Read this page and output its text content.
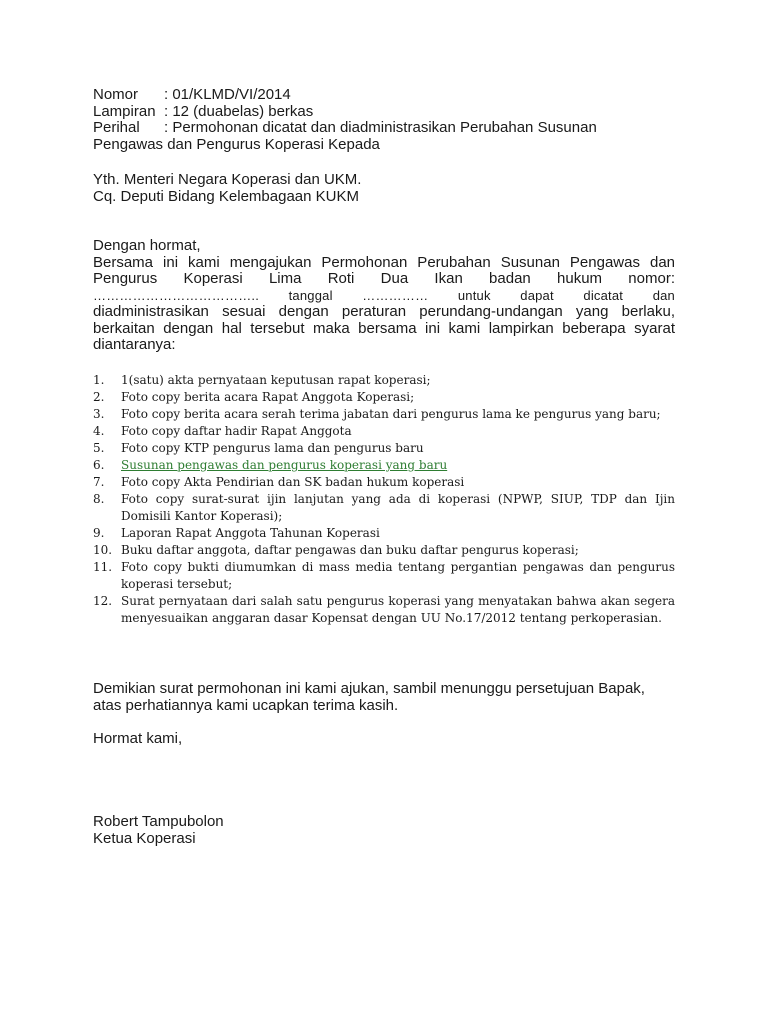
Nomor	: 01/KLMD/VI/2014
Lampiran : 12 (duabelas) berkas
Perihal	: Permohonan dicatat dan diadministrasikan Perubahan Susunan
Pengawas dan Pengurus Koperasi Kepada
Yth. Menteri Negara Koperasi dan UKM.
Cq. Deputi Bidang Kelembagaan KUKM
Dengan hormat,
Bersama ini kami mengajukan Permohonan Perubahan Susunan Pengawas dan
Pengurus Koperasi Lima Roti Dua Ikan badan hukum nomor:
……………………………….. tanggal …………… untuk dapat dicatat dan
diadministrasikan sesuai dengan peraturan perundang-undangan yang berlaku, berkaitan dengan hal tersebut maka bersama ini kami lampirkan beberapa syarat diantaranya:
1.	1(satu) akta pernyataan keputusan rapat koperasi;
2.	Foto copy berita acara Rapat Anggota Koperasi;
3.	Foto copy berita acara serah terima jabatan dari pengurus lama ke pengurus yang baru;
4.	Foto copy daftar hadir Rapat Anggota
5.	Foto copy KTP pengurus lama dan pengurus baru
6.	Susunan pengawas dan pengurus koperasi yang baru
7.	Foto copy Akta Pendirian dan SK badan hukum koperasi
8.	Foto copy surat-surat ijin lanjutan yang ada di koperasi (NPWP, SIUP, TDP dan Ijin Domisili Kantor Koperasi);
9.	Laporan Rapat Anggota Tahunan Koperasi
10. Buku daftar anggota, daftar pengawas dan buku daftar pengurus koperasi;
11. Foto copy bukti diumumkan di mass media tentang pergantian pengawas dan pengurus koperasi tersebut;
12. Surat pernyataan dari salah satu pengurus koperasi yang menyatakan bahwa akan segera menyesuaikan anggaran dasar Kopensat dengan UU No.17/2012 tentang perkoperasian.
Demikian surat permohonan ini kami ajukan, sambil menunggu persetujuan Bapak,
atas perhatiannya kami ucapkan terima kasih.
Hormat kami,
Robert Tampubolon
Ketua Koperasi
